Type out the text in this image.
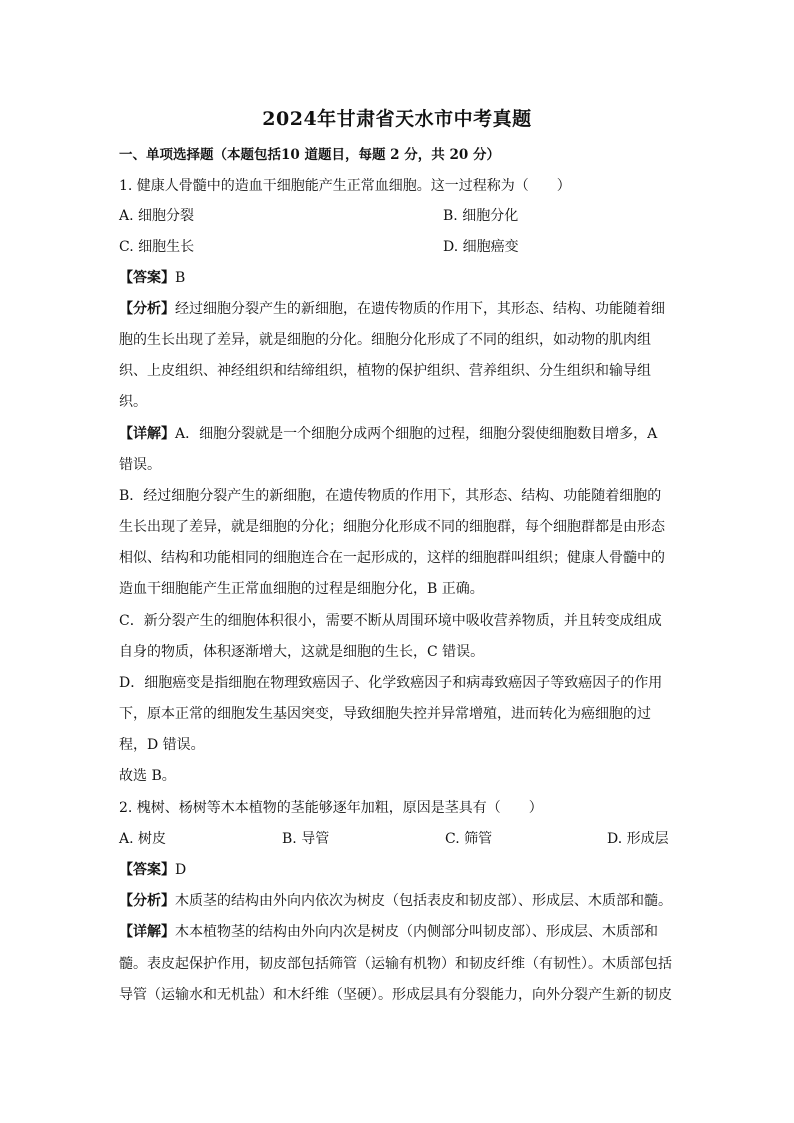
2024年甘肃省天水市中考真题
一、单项选择题（本题包括10 道题目，每题 2 分，共 20 分）
1. 健康人骨髓中的造血干细胞能产生正常血细胞。这一过程称为（　　）
A. 细胞分裂	B. 细胞分化
C. 细胞生长	D. 细胞癌变
【答案】B
【分析】经过细胞分裂产生的新细胞，在遗传物质的作用下，其形态、结构、功能随着细
胞的生长出现了差异，就是细胞的分化。细胞分化形成了不同的组织，如动物的肌肉组
织、上皮组织、神经组织和结缔组织，植物的保护组织、营养组织、分生组织和输导组
织。
【详解】A．细胞分裂就是一个细胞分成两个细胞的过程，细胞分裂使细胞数目增多，A
错误。
B．经过细胞分裂产生的新细胞，在遗传物质的作用下，其形态、结构、功能随着细胞的
生长出现了差异，就是细胞的分化；细胞分化形成不同的细胞群，每个细胞群都是由形态
相似、结构和功能相同的细胞连合在一起形成的，这样的细胞群叫组织；健康人骨髓中的
造血干细胞能产生正常血细胞的过程是细胞分化，B 正确。
C．新分裂产生的细胞体积很小，需要不断从周围环境中吸收营养物质，并且转变成组成
自身的物质，体积逐渐增大，这就是细胞的生长，C 错误。
D．细胞癌变是指细胞在物理致癌因子、化学致癌因子和病毒致癌因子等致癌因子的作用
下，原本正常的细胞发生基因突变，导致细胞失控并异常增殖，进而转化为癌细胞的过
程，D 错误。
故选 B。
2. 槐树、杨树等木本植物的茎能够逐年加粗，原因是茎具有（　　）
A. 树皮	B. 导管	C. 筛管	D. 形成层
【答案】D
【分析】木质茎的结构由外向内依次为树皮（包括表皮和韧皮部）、形成层、木质部和髓。
【详解】木本植物茎的结构由外向内次是树皮（内侧部分叫韧皮部）、形成层、木质部和
髓。表皮起保护作用，韧皮部包括筛管（运输有机物）和韧皮纤维（有韧性）。木质部包括
导管（运输水和无机盐）和木纤维（坚硬）。形成层具有分裂能力，向外分裂产生新的韧皮
